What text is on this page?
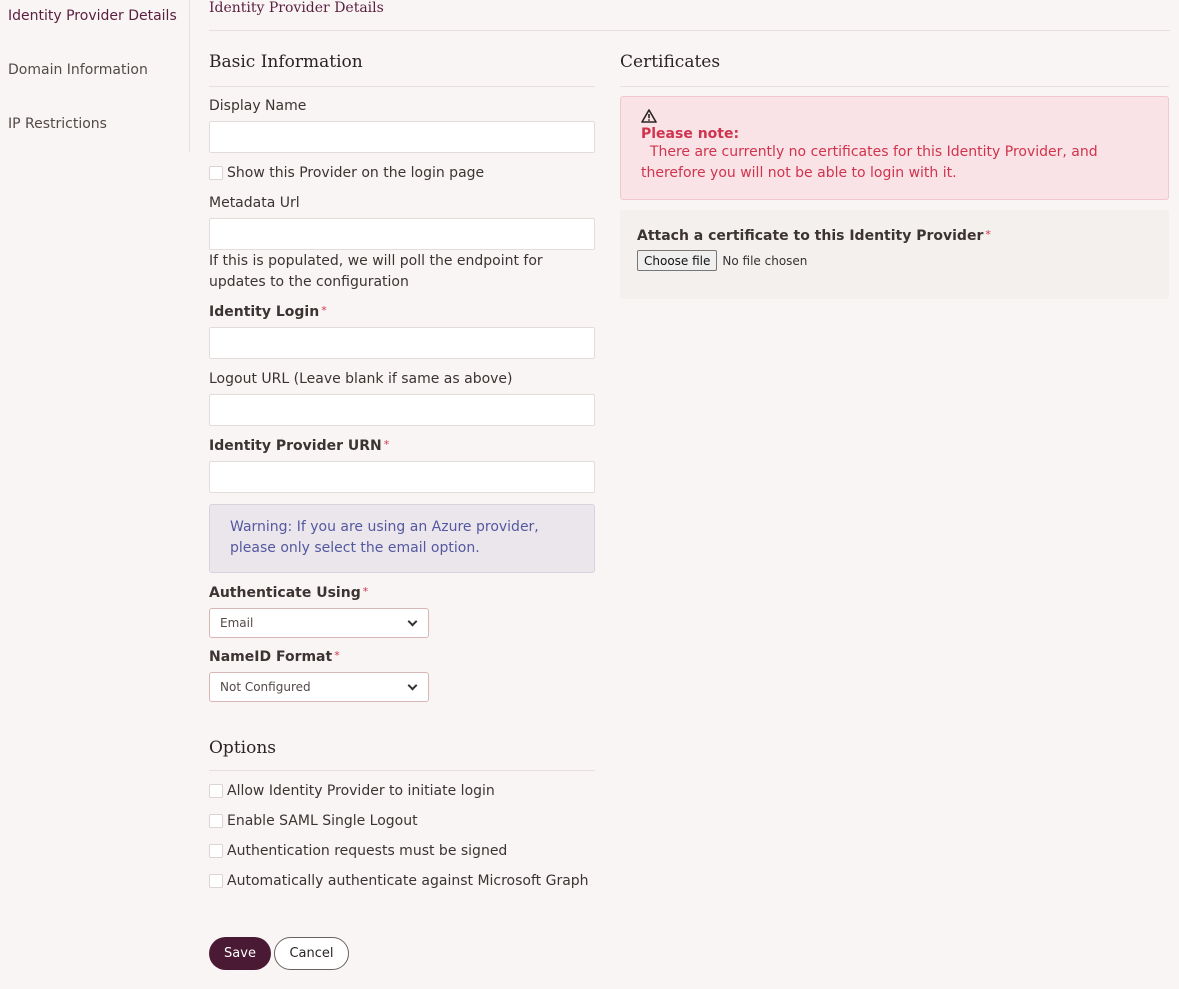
Identity Provider Details
Domain Information
IP Restrictions
Identity Provider Details
Basic Information
Display Name
Show this Provider on the login page
Metadata Url
If this is populated, we will poll the endpoint for updates to the configuration
Identity Login *
Logout URL (Leave blank if same as above)
Identity Provider URN *
Warning: If you are using an Azure provider, please only select the email option.
Authenticate Using *
Email
NameID Format *
Not Configured
Options
Allow Identity Provider to initiate login
Enable SAML Single Logout
Authentication requests must be signed
Automatically authenticate against Microsoft Graph
Certificates
Please note:
There are currently no certificates for this Identity Provider, and therefore you will not be able to login with it.
Attach a certificate to this Identity Provider *
Choose file	No file chosen
Save	Cancel
